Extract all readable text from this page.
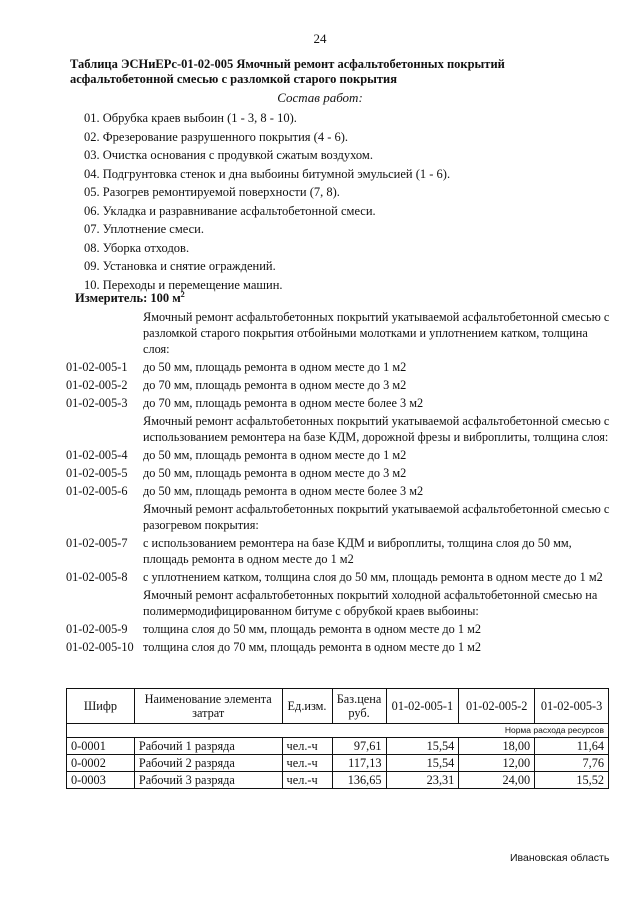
24
Таблица ЭСНиЕРс-01-02-005 Ямочный ремонт асфальтобетонных покрытий асфальтобетонной смесью с разломкой старого покрытия
Состав работ:
01. Обрубка краев выбоин (1 - 3, 8 - 10).
02. Фрезерование разрушенного покрытия (4 - 6).
03. Очистка основания с продувкой сжатым воздухом.
04. Подгрунтовка стенок и дна выбоины битумной эмульсией (1 - 6).
05. Разогрев ремонтируемой поверхности (7, 8).
06. Укладка и разравнивание асфальтобетонной смеси.
07. Уплотнение смеси.
08. Уборка отходов.
09. Установка и снятие ограждений.
10. Переходы и перемещение машин.
Измеритель: 100 $м^2$
Ямочный ремонт асфальтобетонных покрытий укатываемой асфальтобетонной смесью с разломкой старого покрытия отбойными молотками и уплотнением катком, толщина слоя:
01-02-005-1	до 50 мм, площадь ремонта в одном месте до 1 м2
01-02-005-2	до 70 мм, площадь ремонта в одном месте до 3 м2
01-02-005-3	до 70 мм, площадь ремонта в одном месте более 3 м2
Ямочный ремонт асфальтобетонных покрытий укатываемой асфальтобетонной смесью с использованием ремонтера на базе КДМ, дорожной фрезы и виброплиты, толщина слоя:
01-02-005-4	до 50 мм, площадь ремонта в одном месте до 1 м2
01-02-005-5	до 50 мм, площадь ремонта в одном месте до 3 м2
01-02-005-6	до 50 мм, площадь ремонта в одном месте более 3 м2
Ямочный ремонт асфальтобетонных покрытий укатываемой асфальтобетонной смесью с разогревом покрытия:
01-02-005-7	с использованием ремонтера на базе КДМ и виброплиты, толщина слоя до 50 мм, площадь ремонта в одном месте до 1 м2
01-02-005-8	с уплотнением катком, толщина слоя до 50 мм, площадь ремонта в одном месте до 1 м2
Ямочный ремонт асфальтобетонных покрытий холодной асфальтобетонной смесью на полимермодифицированном битуме с обрубкой краев выбоины:
01-02-005-9	толщина слоя до 50 мм, площадь ремонта в одном месте до 1 м2
01-02-005-10 толщина слоя до 70 мм, площадь ремонта в одном месте до 1 м2
Шифр	Наименование элемента затрат	Ед.изм.	Баз.цена руб.	01-02-005-1	01-02-005-2	01-02-005-3
				Норма расхода ресурсов		
0-0001	Рабочий 1 разряда	чел.-ч	97,61	15,54	18,00	11,64
0-0002	Рабочий 2 разряда	чел.-ч	117,13	15,54	12,00	7,76
0-0003	Рабочий 3 разряда	чел.-ч	136,65	23,31	24,00	15,52
Ивановская область
